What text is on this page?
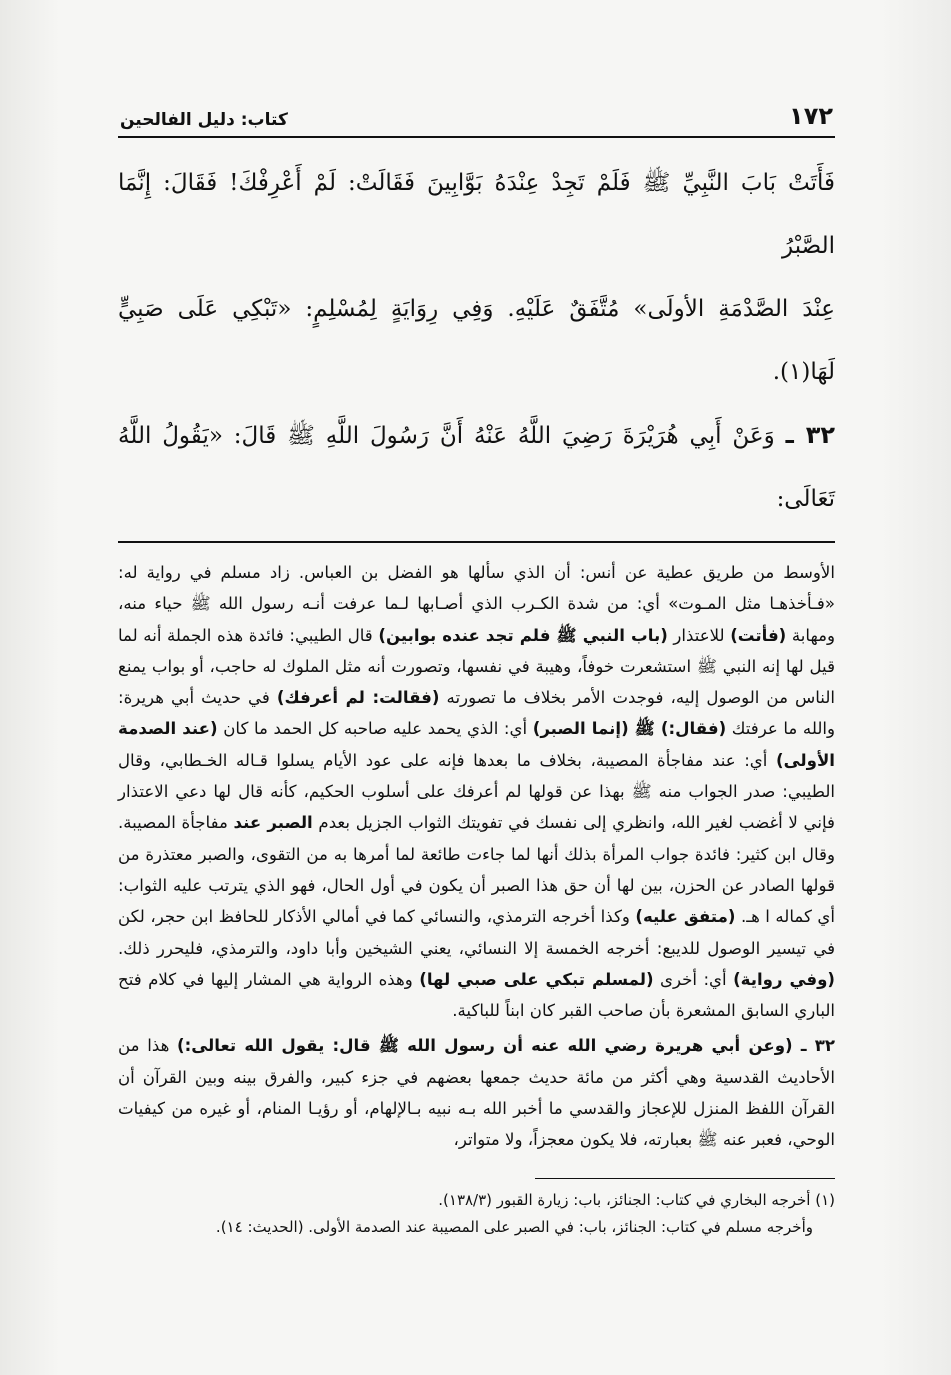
١٧٢
كتاب: دليل الفالحين

فَأَتَتْ بَابَ النَّبِيِّ ﷺ فَلَمْ تَجِدْ عِنْدَهُ بَوَّابِينَ فَقَالَتْ: لَمْ أَعْرِفْكَ! فَقَالَ: إِنَّمَا الصَّبْرُ

عِنْدَ الصَّدْمَةِ الأولَى» مُتَّفَقٌ عَلَيْهِ. وَفِي رِوَايَةٍ لِمُسْلِمٍ: «تَبْكِي عَلَى صَبِيٍّ لَهَا(١).

٣٢ ـ وَعَنْ أَبِي هُرَيْرَةَ رَضِيَ اللَّهُ عَنْهُ أَنَّ رَسُولَ اللَّهِ ﷺ قَالَ: «يَقُولُ اللَّهُ تَعَالَى:

الأوسط من طريق عطية عن أنس: أن الذي سألها هو الفضل بن العباس. زاد مسلم في رواية له: «فـأخذهـا مثل المـوت» أي: من شدة الكـرب الذي أصـابها لـما عرفت أنـه رسول الله ﷺ حياء منه، ومهابة (فأتت) للاعتذار (باب النبي ﷺ فلم تجد عنده بوابين) قال الطيبي: فائدة هذه الجملة أنه لما قيل لها إنه النبي ﷺ استشعرت خوفاً، وهيبة في نفسها، وتصورت أنه مثل الملوك له حاجب، أو بواب يمنع الناس من الوصول إليه، فوجدت الأمر بخلاف ما تصورته (فقالت: لم أعرفك) في حديث أبي هريرة: والله ما عرفتك (فقال:) ﷺ (إنما الصبر) أي: الذي يحمد عليه صاحبه كل الحمد ما كان (عند الصدمة الأولى) أي: عند مفاجأة المصيبة، بخلاف ما بعدها فإنه على عود الأيام يسلوا قـاله الخـطابي، وقال الطيبي: صدر الجواب منه ﷺ بهذا عن قولها لم أعرفك على أسلوب الحكيم، كأنه قال لها دعي الاعتذار فإني لا أغضب لغير الله، وانظري إلى نفسك في تفويتك الثواب الجزيل بعدم الصبر عند مفاجأة المصيبة. وقال ابن كثير: فائدة جواب المرأة بذلك أنها لما جاءت طائعة لما أمرها به من التقوى، والصبر معتذرة من قولها الصادر عن الحزن، بين لها أن حق هذا الصبر أن يكون في أول الحال، فهو الذي يترتب عليه الثواب: أي كماله ا هـ. (متفق عليه) وكذا أخرجه الترمذي، والنسائي كما في أمالي الأذكار للحافظ ابن حجر، لكن في تيسير الوصول للديبع: أخرجه الخمسة إلا النسائي، يعني الشيخين وأبا داود، والترمذي، فليحرر ذلك. (وفي رواية) أي: أخرى (لمسلم تبكي على صبي لها) وهذه الرواية هي المشار إليها في كلام فتح الباري السابق المشعرة بأن صاحب القبر كان ابناً للباكية.

٣٢ ـ (وعن أبي هريرة رضي الله عنه أن رسول الله ﷺ قال: يقول الله تعالى:) هذا من الأحاديث القدسية وهي أكثر من مائة حديث جمعها بعضهم في جزء كبير، والفرق بينه وبين القرآن أن القرآن اللفظ المنزل للإعجاز والقدسي ما أخبر الله بـه نبيه بـالإلهام، أو رؤيـا المنام، أو غيره من كيفيات الوحي، فعبر عنه ﷺ بعبارته، فلا يكون معجزاً، ولا متواتر،

(١) أخرجه البخاري في كتاب: الجنائز، باب: زيارة القبور (١٣٨/٣).

وأخرجه مسلم في كتاب: الجنائز، باب: في الصبر على المصيبة عند الصدمة الأولى. (الحديث: ١٤).
